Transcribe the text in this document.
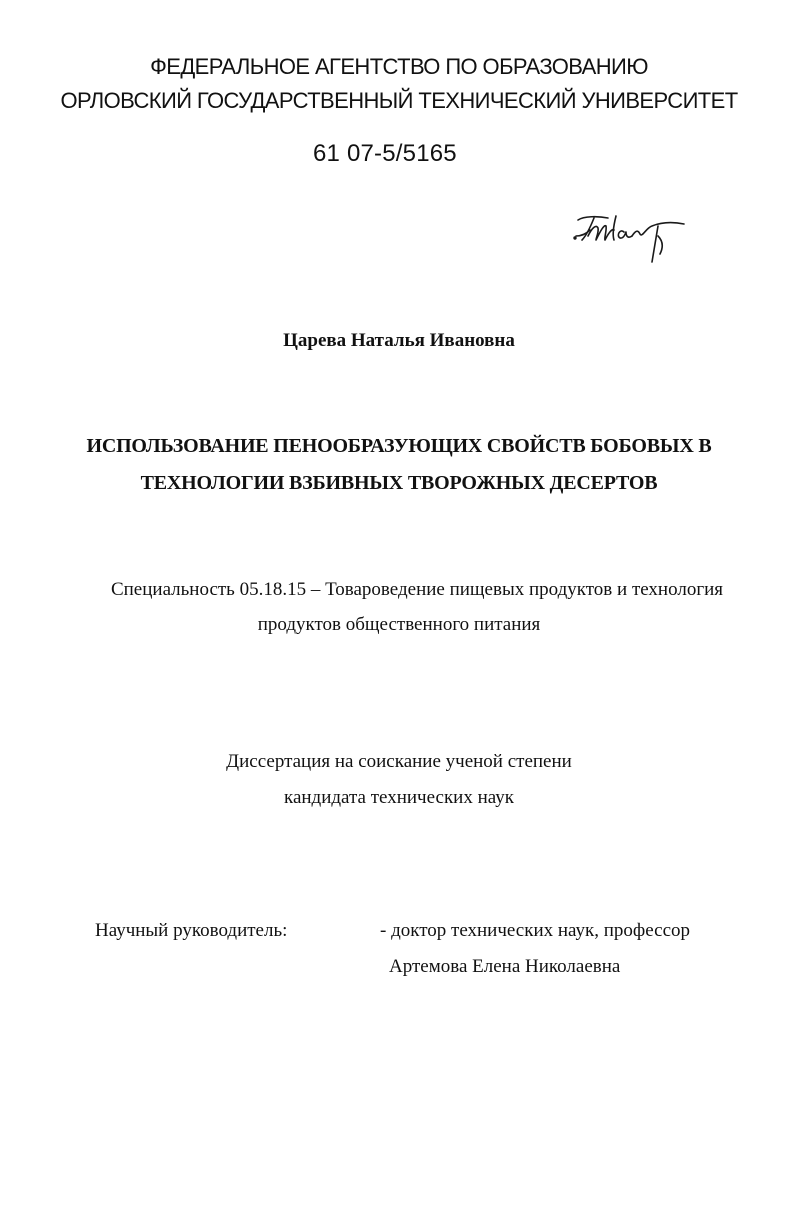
ФЕДЕРАЛЬНОЕ АГЕНТСТВО ПО ОБРАЗОВАНИЮ
ОРЛОВСКИЙ ГОСУДАРСТВЕННЫЙ ТЕХНИЧЕСКИЙ УНИВЕРСИТЕТ
61 07-5/5165
Царева Наталья Ивановна
ИСПОЛЬЗОВАНИЕ ПЕНООБРАЗУЮЩИХ СВОЙСТВ БОБОВЫХ В
ТЕХНОЛОГИИ ВЗБИВНЫХ ТВОРОЖНЫХ ДЕСЕРТОВ
Специальность 05.18.15 – Товароведение пищевых продуктов и технология
продуктов общественного питания
Диссертация на соискание ученой степени
кандидата технических наук
Научный руководитель:	- доктор технических наук, профессор
Артемова Елена Николаевна
